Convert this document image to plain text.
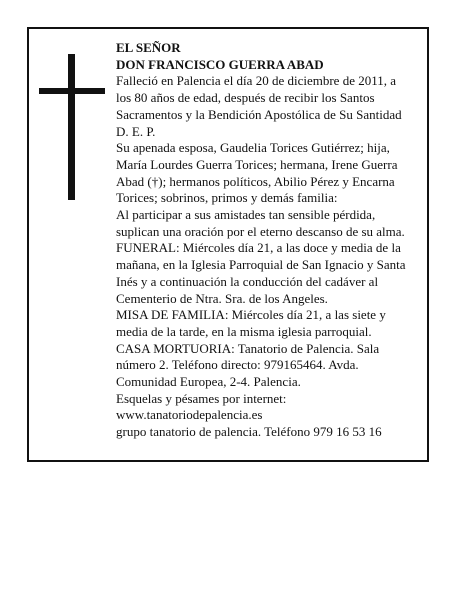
EL SEÑOR
DON FRANCISCO GUERRA ABAD
Falleció en Palencia el día 20 de diciembre de 2011, a
los 80 años de edad, después de recibir los Santos
Sacramentos y la Bendición Apostólica de Su Santidad
D. E. P.
Su apenada esposa, Gaudelia Torices Gutiérrez; hija,
María Lourdes Guerra Torices; hermana, Irene Guerra
Abad (†); hermanos políticos, Abilio Pérez y Encarna
Torices; sobrinos, primos y demás familia:
Al participar a sus amistades tan sensible pérdida,
suplican una oración por el eterno descanso de su alma.
FUNERAL: Miércoles día 21, a las doce y media de la
mañana, en la Iglesia Parroquial de San Ignacio y Santa
Inés y a continuación la conducción del cadáver al
Cementerio de Ntra. Sra. de los Angeles.
MISA DE FAMILIA: Miércoles día 21, a las siete y
media de la tarde, en la misma iglesia parroquial.
CASA MORTUORIA: Tanatorio de Palencia. Sala
número 2. Teléfono directo: 979165464. Avda.
Comunidad Europea, 2-4. Palencia.
Esquelas y pésames por internet:
www.tanatoriodepalencia.es
grupo tanatorio de palencia. Teléfono 979 16 53 16
